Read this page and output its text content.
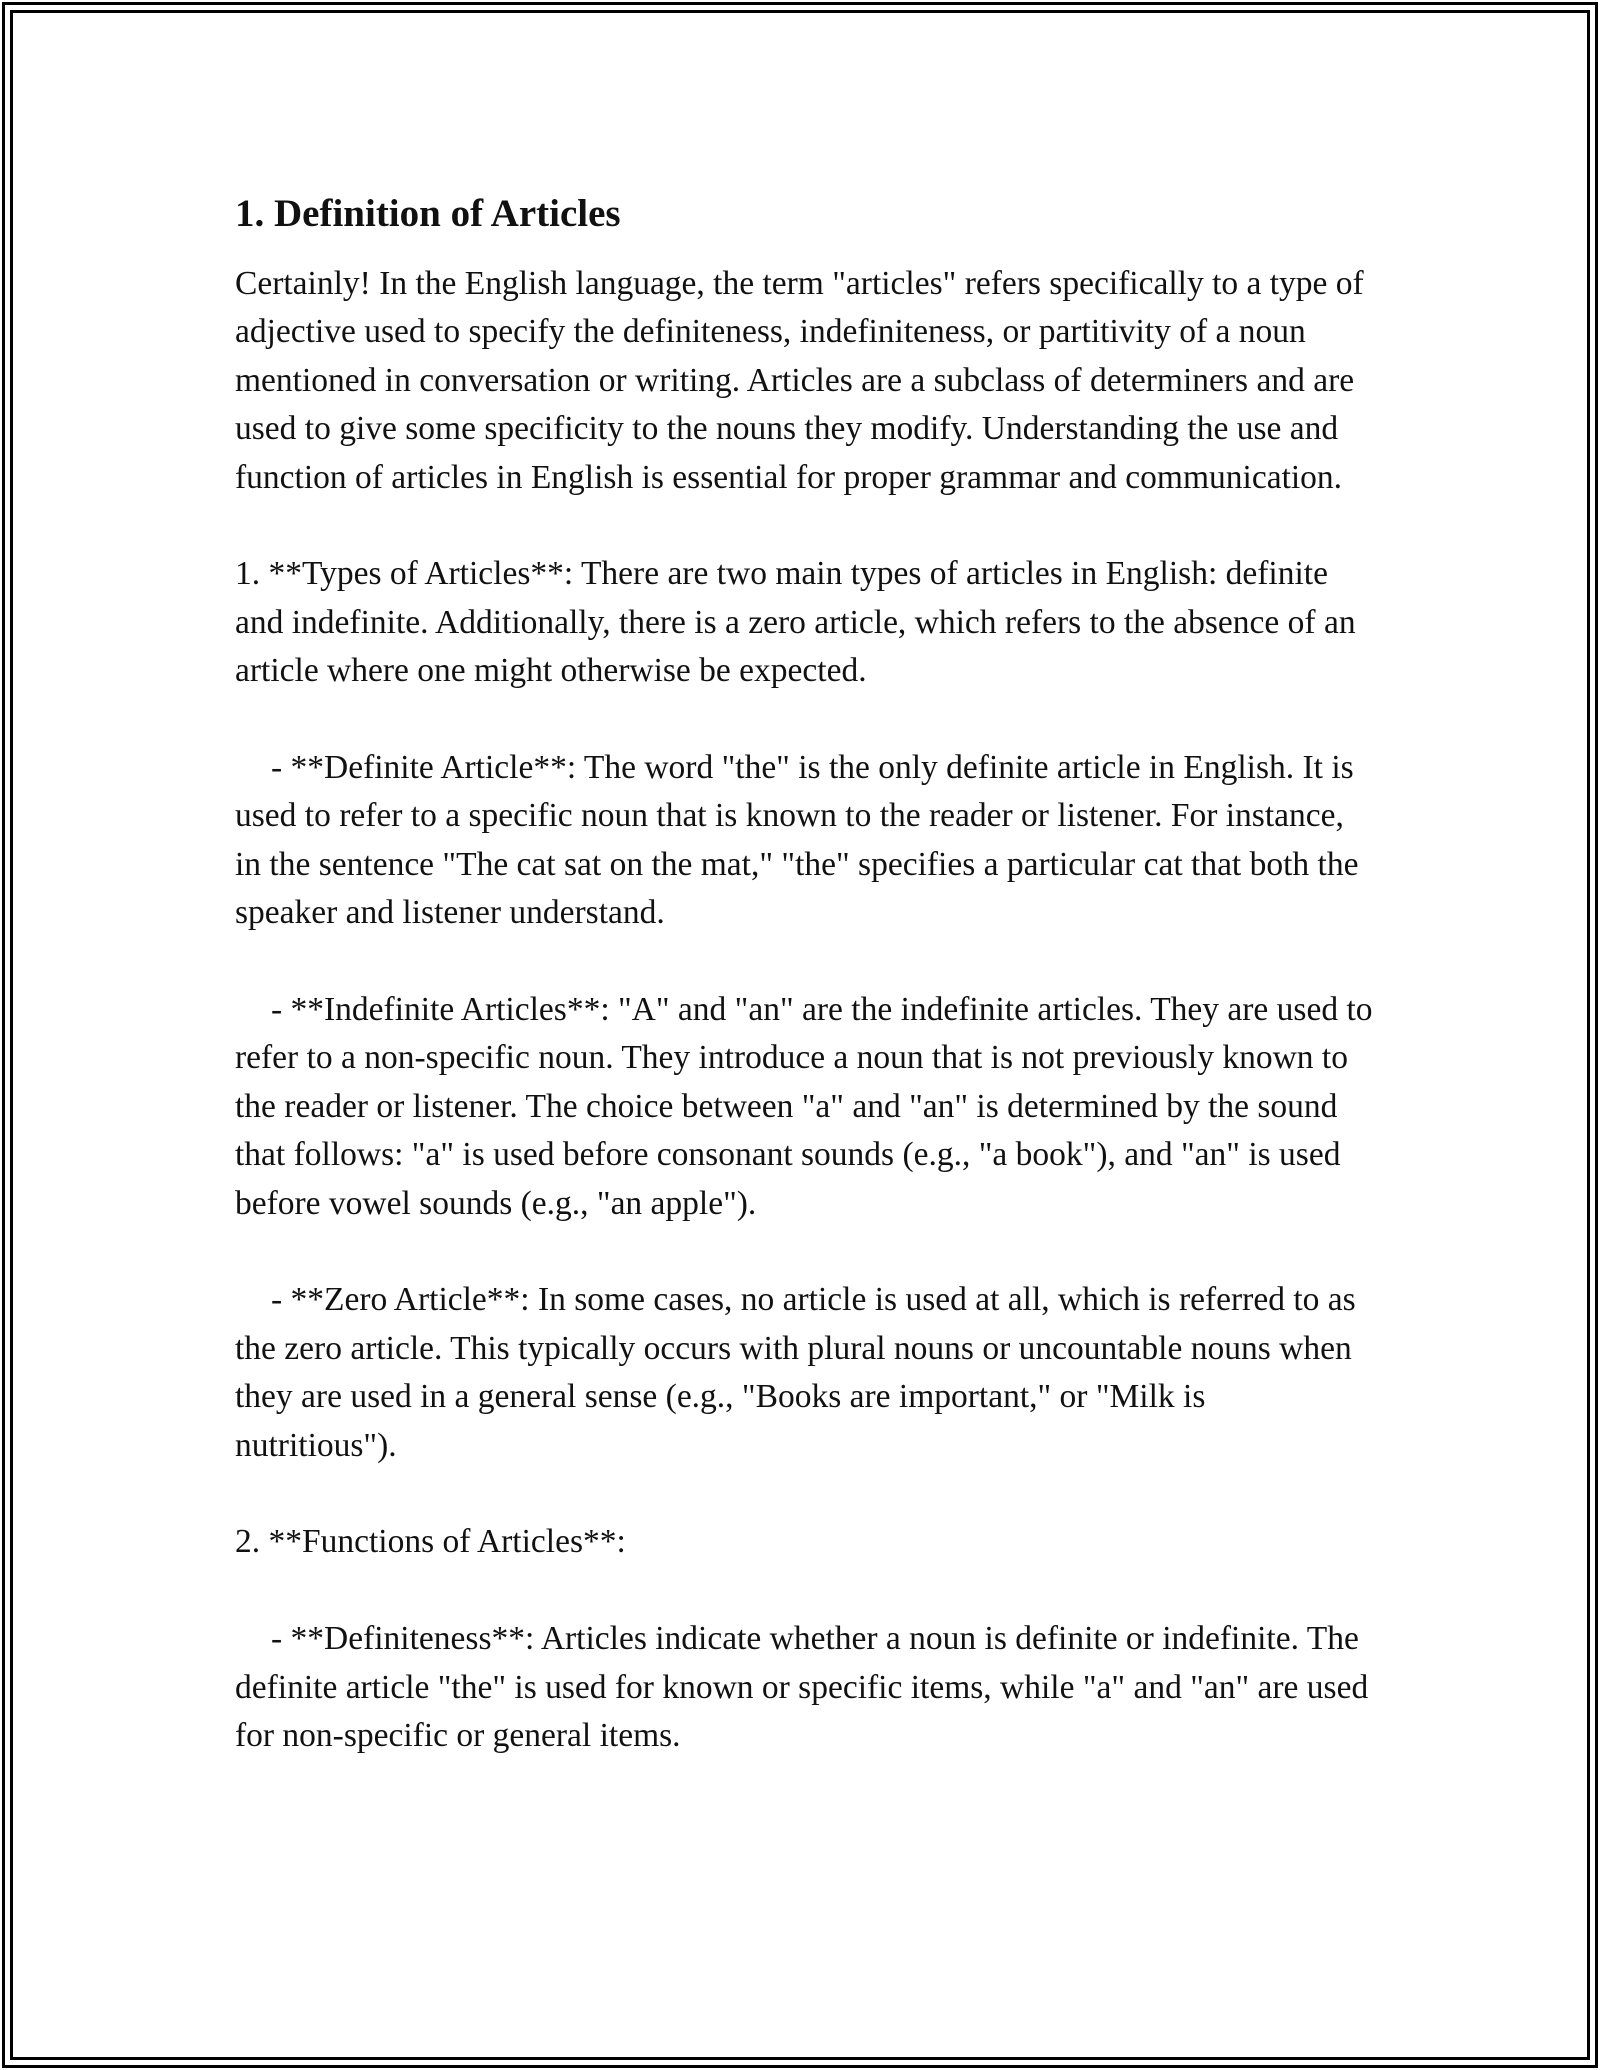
1. Definition of Articles

Certainly! In the English language, the term "articles" refers specifically to a type of adjective used to specify the definiteness, indefiniteness, or partitivity of a noun mentioned in conversation or writing. Articles are a subclass of determiners and are used to give some specificity to the nouns they modify. Understanding the use and function of articles in English is essential for proper grammar and communication.

1. **Types of Articles**: There are two main types of articles in English: definite and indefinite. Additionally, there is a zero article, which refers to the absence of an article where one might otherwise be expected.

- **Definite Article**: The word "the" is the only definite article in English. It is used to refer to a specific noun that is known to the reader or listener. For instance, in the sentence "The cat sat on the mat," "the" specifies a particular cat that both the speaker and listener understand.

- **Indefinite Articles**: "A" and "an" are the indefinite articles. They are used to refer to a non-specific noun. They introduce a noun that is not previously known to the reader or listener. The choice between "a" and "an" is determined by the sound that follows: "a" is used before consonant sounds (e.g., "a book"), and "an" is used before vowel sounds (e.g., "an apple").

- **Zero Article**: In some cases, no article is used at all, which is referred to as the zero article. This typically occurs with plural nouns or uncountable nouns when they are used in a general sense (e.g., "Books are important," or "Milk is nutritious").

2. **Functions of Articles**:

- **Definiteness**: Articles indicate whether a noun is definite or indefinite. The definite article "the" is used for known or specific items, while "a" and "an" are used for non-specific or general items.
